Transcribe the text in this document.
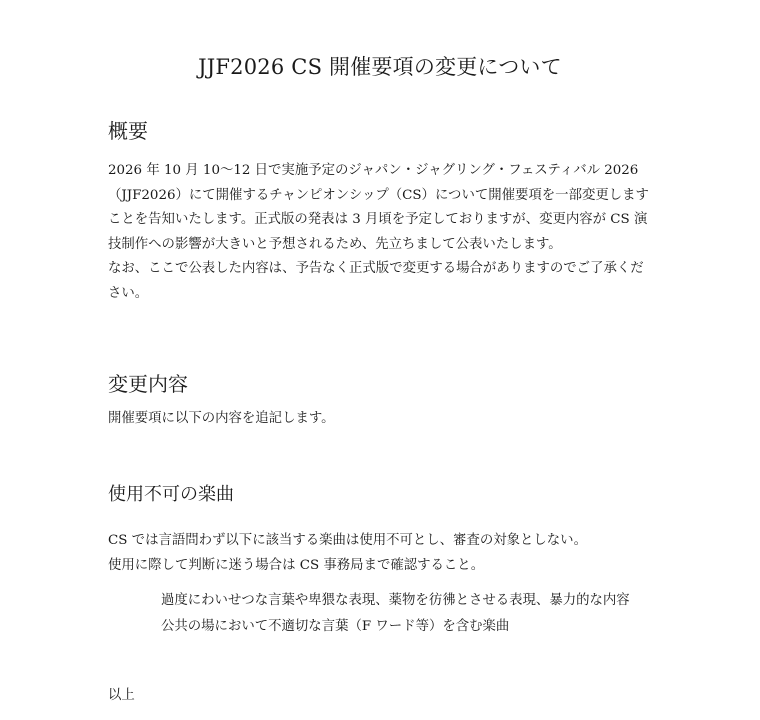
JJF2026 CS 開催要項の変更について
概要
2026 年 10 月 10〜12 日で実施予定のジャパン・ジャグリング・フェスティバル 2026
（JJF2026）にて開催するチャンピオンシップ（CS）について開催要項を一部変更します
ことを告知いたします。正式版の発表は 3 月頃を予定しておりますが、変更内容が CS 演
技制作への影響が大きいと予想されるため、先立ちまして公表いたします。
なお、ここで公表した内容は、予告なく正式版で変更する場合がありますのでご了承くだ
さい。
変更内容

開催要項に以下の内容を追記します。

使用不可の楽曲
CS では言語問わず以下に該当する楽曲は使用不可とし、審査の対象としない。
使用に際して判断に迷う場合は CS 事務局まで確認すること。
過度にわいせつな言葉や卑猥な表現、薬物を彷彿とさせる表現、暴力的な内容
公共の場において不適切な言葉（F ワード等）を含む楽曲

以上
